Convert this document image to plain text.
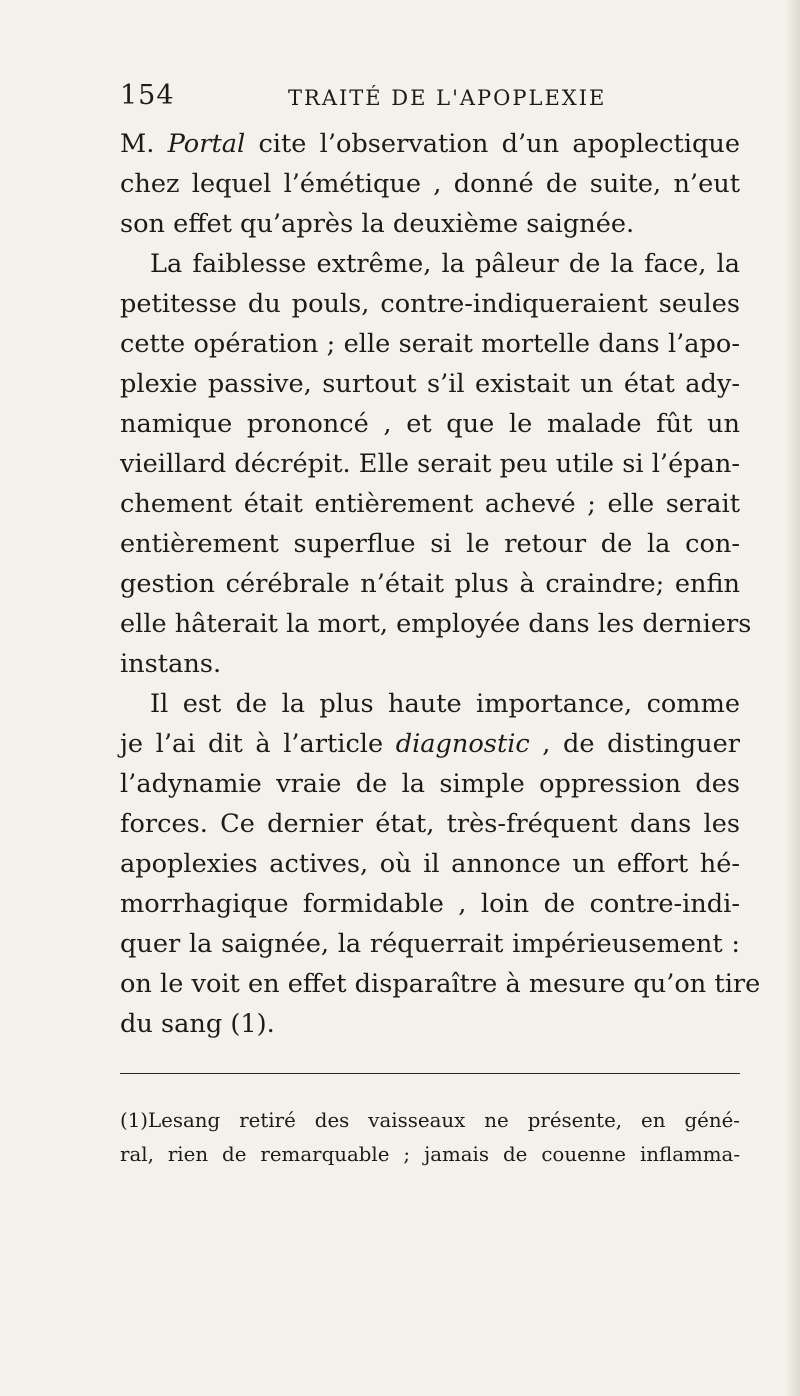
154	TRAITÉ DE L'APOPLEXIE
M. Portal cite l’observation d’un apoplectique
chez lequel l’émétique , donné de suite, n’eut
son effet qu’après la deuxième saignée.
La faiblesse extrême, la pâleur de la face, la
petitesse du pouls, contre-indiqueraient seules
cette opération ; elle serait mortelle dans l’apo-
plexie passive, surtout s’il existait un état ady-
namique prononcé , et que le malade fût un
vieillard décrépit. Elle serait peu utile si l’épan-
chement était entièrement achevé ; elle serait
entièrement superflue si le retour de la con-
gestion cérébrale n’était plus à craindre; enfin
elle hâterait la mort, employée dans les derniers
instans.
Il est de la plus haute importance, comme
je l’ai dit à l’article diagnostic , de distinguer
l’adynamie vraie de la simple oppression des
forces. Ce dernier état, très-fréquent dans les
apoplexies actives, où il annonce un effort hé-
morrhagique formidable , loin de contre-indi-
quer la saignée, la réquerrait impérieusement :
on le voit en effet disparaître à mesure qu’on tire
du sang (1).
(1)Lesang retiré des vaisseaux ne présente, en géné-
ral, rien de remarquable ; jamais de couenne inflamma-
